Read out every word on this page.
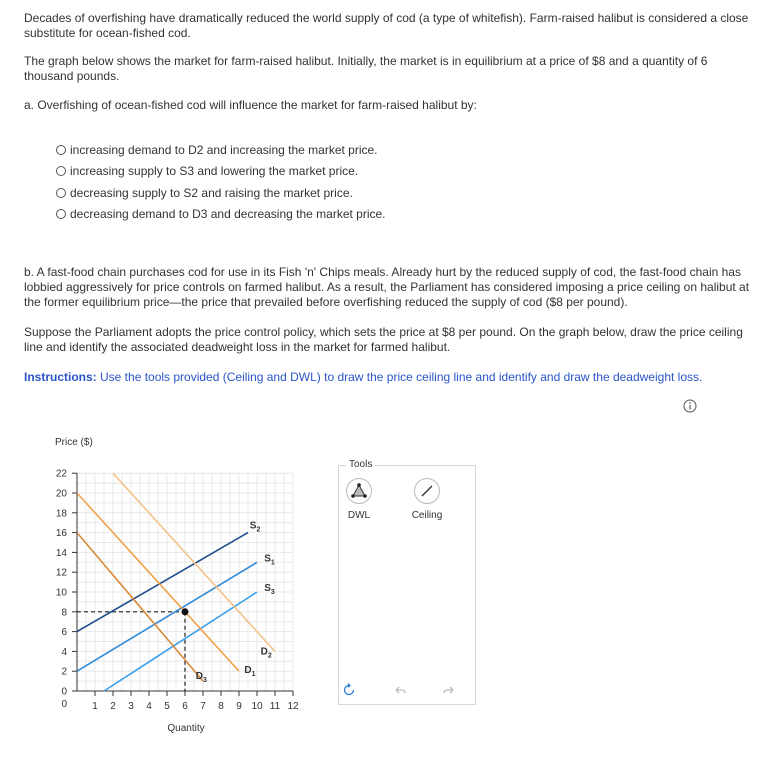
Decades of overfishing have dramatically reduced the world supply of cod (a type of whitefish). Farm-raised halibut is considered a close substitute for ocean-fished cod.

The graph below shows the market for farm-raised halibut. Initially, the market is in equilibrium at a price of $8 and a quantity of 6 thousand pounds.

a. Overfishing of ocean-fished cod will influence the market for farm-raised halibut by:

increasing demand to D2 and increasing the market price.
increasing supply to S3 and lowering the market price.
decreasing supply to S2 and raising the market price.
decreasing demand to D3 and decreasing the market price.

b. A fast-food chain purchases cod for use in its Fish 'n' Chips meals. Already hurt by the reduced supply of cod, the fast-food chain has lobbied aggressively for price controls on farmed halibut. As a result, the Parliament has considered imposing a price ceiling on halibut at the former equilibrium price—the price that prevailed before overfishing reduced the supply of cod ($8 per pound).

Suppose the Parliament adopts the price control policy, which sets the price at $8 per pound. On the graph below, draw the price ceiling line and identify the associated deadweight loss in the market for farmed halibut.

Instructions: Use the tools provided (Ceiling and DWL) to draw the price ceiling line and identify and draw the deadweight loss.

Price ($)
Quantity
0
2
4
6
8
10
12
14
16
18
20
22
0	1 2 3 4 5 6 7 8 9 10 11 12
$S_2$
$S_1$
$S_3$
$D_2$
$D_1$
$D_3$
Tools
DWL	Ceiling
